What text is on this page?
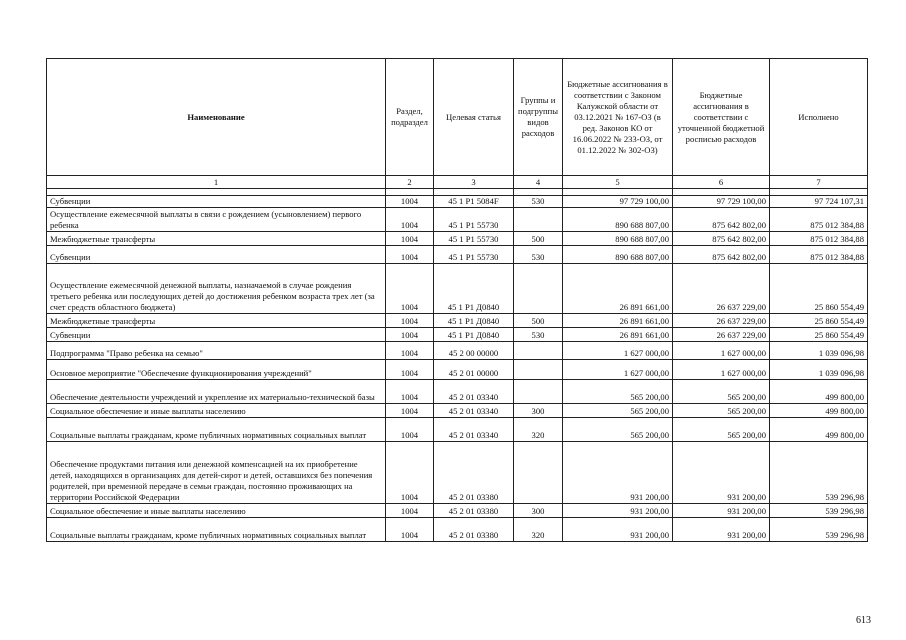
Наименование	Раздел, подраздел	Целевая статья	Группы и подгруппы видов расходов	Бюджетные ассигнования в соответствии с Законом Калужской области от 03.12.2021 № 167-ОЗ (в ред. Законов КО от 16.06.2022 № 233-ОЗ, от 01.12.2022 № 302-ОЗ)	Бюджетные ассигнования в соответствии с уточненной бюджетной росписью расходов	Исполнено
1	2	3	4	5	6	7

Субвенции	1004	45 1 P1 5084F	530	97 729 100,00	97 729 100,00	97 724 107,31
Осуществление ежемесячной выплаты в связи с рождением (усыновлением) первого ребенка	1004	45 1 P1 55730		890 688 807,00	875 642 802,00	875 012 384,88
Межбюджетные трансферты	1004	45 1 P1 55730	500	890 688 807,00	875 642 802,00	875 012 384,88
Субвенции	1004	45 1 P1 55730	530	890 688 807,00	875 642 802,00	875 012 384,88
Осуществление ежемесячной денежной выплаты, назначаемой в случае рождения третьего ребенка или последующих детей до достижения ребенком возраста трех лет (за счет средств областного бюджета)	1004	45 1 P1 Д0840		26 891 661,00	26 637 229,00	25 860 554,49
Межбюджетные трансферты	1004	45 1 P1 Д0840	500	26 891 661,00	26 637 229,00	25 860 554,49
Субвенции	1004	45 1 P1 Д0840	530	26 891 661,00	26 637 229,00	25 860 554,49
Подпрограмма "Право ребенка на семью"	1004	45 2 00 00000		1 627 000,00	1 627 000,00	1 039 096,98
Основное мероприятие "Обеспечение функционирования учреждений"	1004	45 2 01 00000		1 627 000,00	1 627 000,00	1 039 096,98
Обеспечение деятельности учреждений и укрепление их материально-технической базы	1004	45 2 01 03340		565 200,00	565 200,00	499 800,00
Социальное обеспечение и иные выплаты населению	1004	45 2 01 03340	300	565 200,00	565 200,00	499 800,00
Социальные выплаты гражданам, кроме публичных нормативных социальных выплат	1004	45 2 01 03340	320	565 200,00	565 200,00	499 800,00
Обеспечение продуктами питания или денежной компенсацией на их приобретение детей, находящихся в организациях для детей-сирот и детей, оставшихся без попечения родителей, при временной передаче в семьи граждан, постоянно проживающих на территории Российской Федерации	1004	45 2 01 03380		931 200,00	931 200,00	539 296,98
Социальное обеспечение и иные выплаты населению	1004	45 2 01 03380	300	931 200,00	931 200,00	539 296,98
Социальные выплаты гражданам, кроме публичных нормативных социальных выплат	1004	45 2 01 03380	320	931 200,00	931 200,00	539 296,98
613
